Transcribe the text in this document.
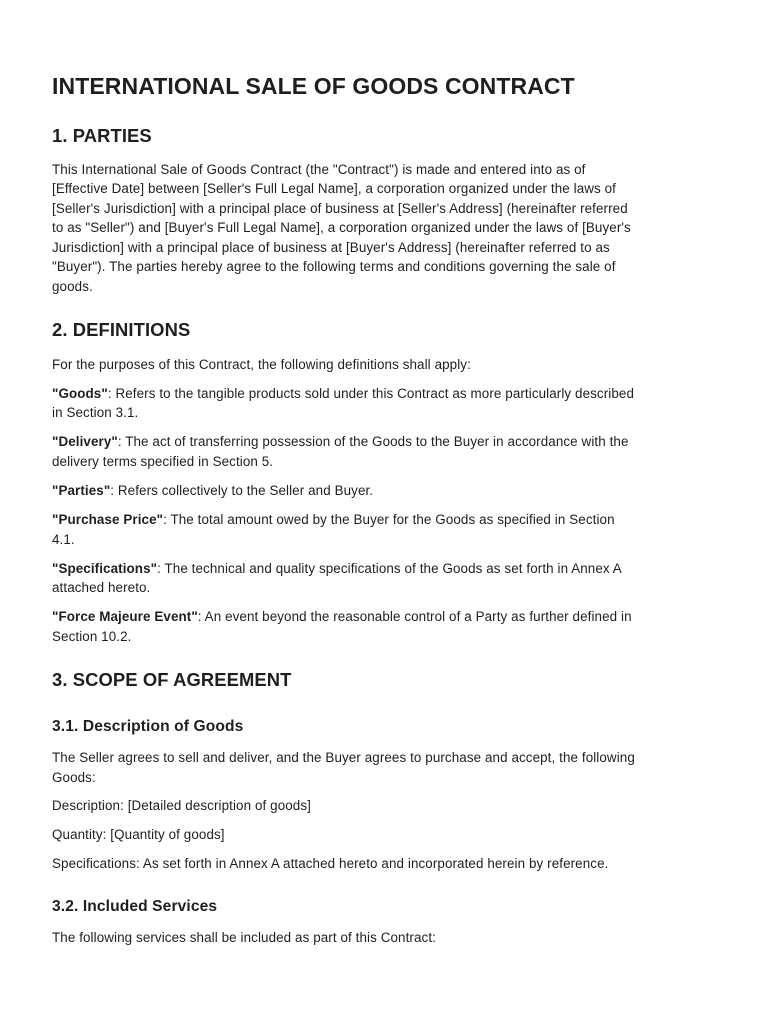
INTERNATIONAL SALE OF GOODS CONTRACT
1. PARTIES
This International Sale of Goods Contract (the "Contract") is made and entered into as of
[Effective Date] between [Seller's Full Legal Name], a corporation organized under the laws of
[Seller's Jurisdiction] with a principal place of business at [Seller's Address] (hereinafter referred
to as "Seller") and [Buyer's Full Legal Name], a corporation organized under the laws of [Buyer's
Jurisdiction] with a principal place of business at [Buyer's Address] (hereinafter referred to as
"Buyer"). The parties hereby agree to the following terms and conditions governing the sale of
goods.
2. DEFINITIONS
For the purposes of this Contract, the following definitions shall apply:
"Goods": Refers to the tangible products sold under this Contract as more particularly described
in Section 3.1.
"Delivery": The act of transferring possession of the Goods to the Buyer in accordance with the
delivery terms specified in Section 5.
"Parties": Refers collectively to the Seller and Buyer.
"Purchase Price": The total amount owed by the Buyer for the Goods as specified in Section
4.1.
"Specifications": The technical and quality specifications of the Goods as set forth in Annex A
attached hereto.
"Force Majeure Event": An event beyond the reasonable control of a Party as further defined in
Section 10.2.
3. SCOPE OF AGREEMENT
3.1. Description of Goods
The Seller agrees to sell and deliver, and the Buyer agrees to purchase and accept, the following
Goods:
Description: [Detailed description of goods]
Quantity: [Quantity of goods]
Specifications: As set forth in Annex A attached hereto and incorporated herein by reference.
3.2. Included Services
The following services shall be included as part of this Contract:
